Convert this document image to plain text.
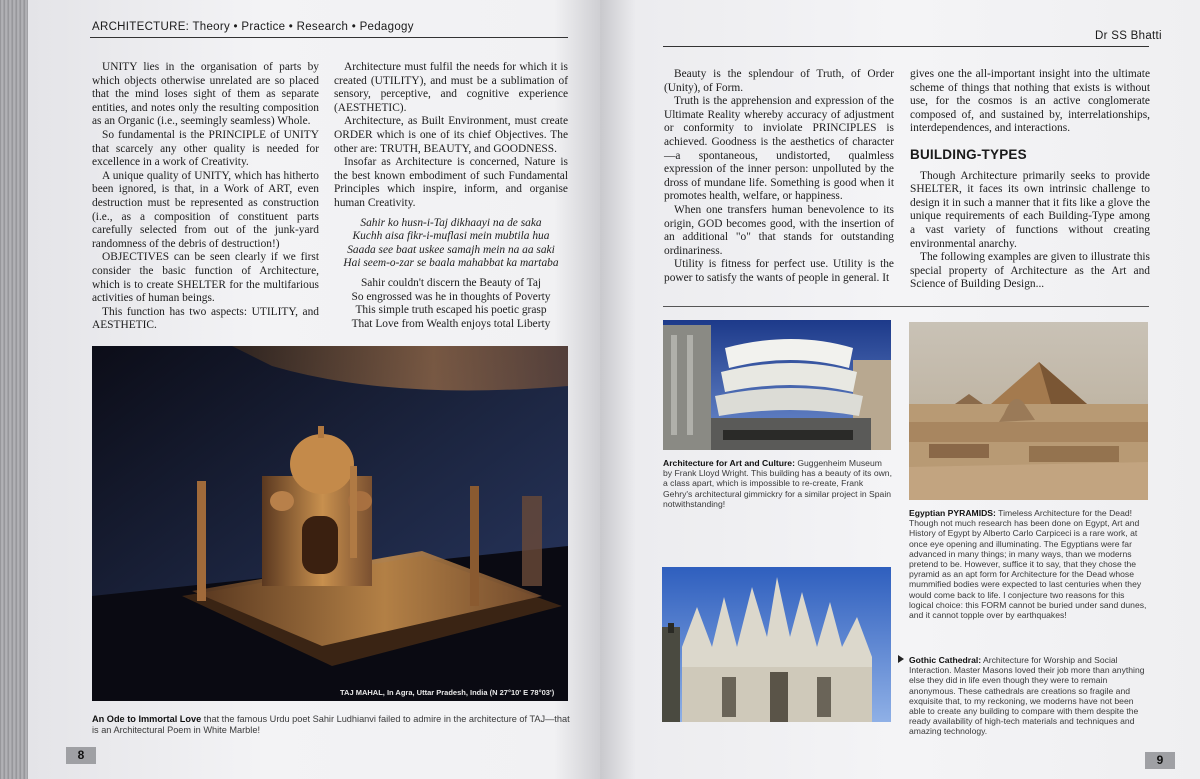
ARCHITECTURE: Theory • Practice • Research • Pedagogy

UNITY lies in the organisation of parts by which objects otherwise unrelated are so placed that the mind loses sight of them as separate entities, and notes only the resulting composition as an Organic (i.e., seemingly seamless) Whole.

So fundamental is the PRINCIPLE of UNITY that scarcely any other quality is needed for excellence in a work of Creativity.

A unique quality of UNITY, which has hitherto been ignored, is that, in a Work of ART, even destruction must be represented as construction (i.e., as a composition of constituent parts carefully selected from out of the junk-yard randomness of the debris of destruction!)

OBJECTIVES can be seen clearly if we first consider the basic function of Architecture, which is to create SHELTER for the multifarious activities of human beings.

This function has two aspects: UTILITY, and AESTHETIC.

Architecture must fulfil the needs for which it is created (UTILITY), and must be a sublimation of sensory, perceptive, and cognitive experience (AESTHETIC).

Architecture, as Built Environment, must create ORDER which is one of its chief Objectives. The other are: TRUTH, BEAUTY, and GOODNESS.

Insofar as Architecture is concerned, Nature is the best known embodiment of such Fundamental Principles which inspire, inform, and organise human Creativity.

Sahir ko husn-i-Taj dikhaayi na de saka
Kuchh aisa fikr-i-muflasi mein mubtila hua
Saada see baat uskee samajh mein na aa saki
Hai seem-o-zar se baala mahabbat ka martaba
Sahir couldn't discern the Beauty of Taj
So engrossed was he in thoughts of Poverty
This simple truth escaped his poetic grasp
That Love from Wealth enjoys total Liberty
TAJ MAHAL, In Agra, Uttar Pradesh, India (N 27°10' E 78°03')
An Ode to Immortal Love that the famous Urdu poet Sahir Ludhianvi failed to admire in the architecture of TAJ—that is an Architectural Poem in White Marble!
8
Dr SS Bhatti

Beauty is the splendour of Truth, of Order (Unity), of Form.

Truth is the apprehension and expression of the Ultimate Reality whereby accuracy of adjustment or conformity to inviolate PRINCIPLES is achieved. Goodness is the aesthetics of character—a spontaneous, undistorted, qualmless expression of the inner person: unpolluted by the dross of mundane life. Something is good when it promotes health, welfare, or happiness.

When one transfers human benevolence to its origin, GOD becomes good, with the insertion of an additional "o" that stands for outstanding ordinariness.

Utility is fitness for perfect use. Utility is the power to satisfy the wants of people in general. It

gives one the all-important insight into the ultimate scheme of things that nothing that exists is without use, for the cosmos is an active conglomerate composed of, and sustained by, interrelationships, interdependences, and interactions.

BUILDING-TYPES

Though Architecture primarily seeks to provide SHELTER, it faces its own intrinsic challenge to design it in such a manner that it fits like a glove the unique requirements of each Building-Type among a vast variety of functions without creating environmental anarchy.

The following examples are given to illustrate this special property of Architecture as the Art and Science of Building Design...

Architecture for Art and Culture: Guggenheim Museum by Frank Lloyd Wright. This building has a beauty of its own, a class apart, which is impossible to re-create, Frank Gehry's architectural gimmickry for a similar project in Spain notwithstanding!
Egyptian PYRAMIDS: Timeless Architecture for the Dead! Though not much research has been done on Egypt, Art and History of Egypt by Alberto Carlo Carpiceci is a rare work, at once eye opening and illuminating. The Egyptians were far advanced in many things; in many ways, than we moderns pretend to be. However, suffice it to say, that they chose the pyramid as an apt form for Architecture for the Dead whose mummified bodies were expected to last centuries when they would come back to life. I conjecture two reasons for this logical choice: this FORM cannot be buried under sand dunes, and it cannot topple over by earthquakes!
Gothic Cathedral: Architecture for Worship and Social Interaction. Master Masons loved their job more than anything else they did in life even though they were to remain anonymous. These cathedrals are creations so fragile and exquisite that, to my reckoning, we moderns have not been able to create any building to compare with them despite the ready availability of high-tech materials and techniques and amazing technology.
9
